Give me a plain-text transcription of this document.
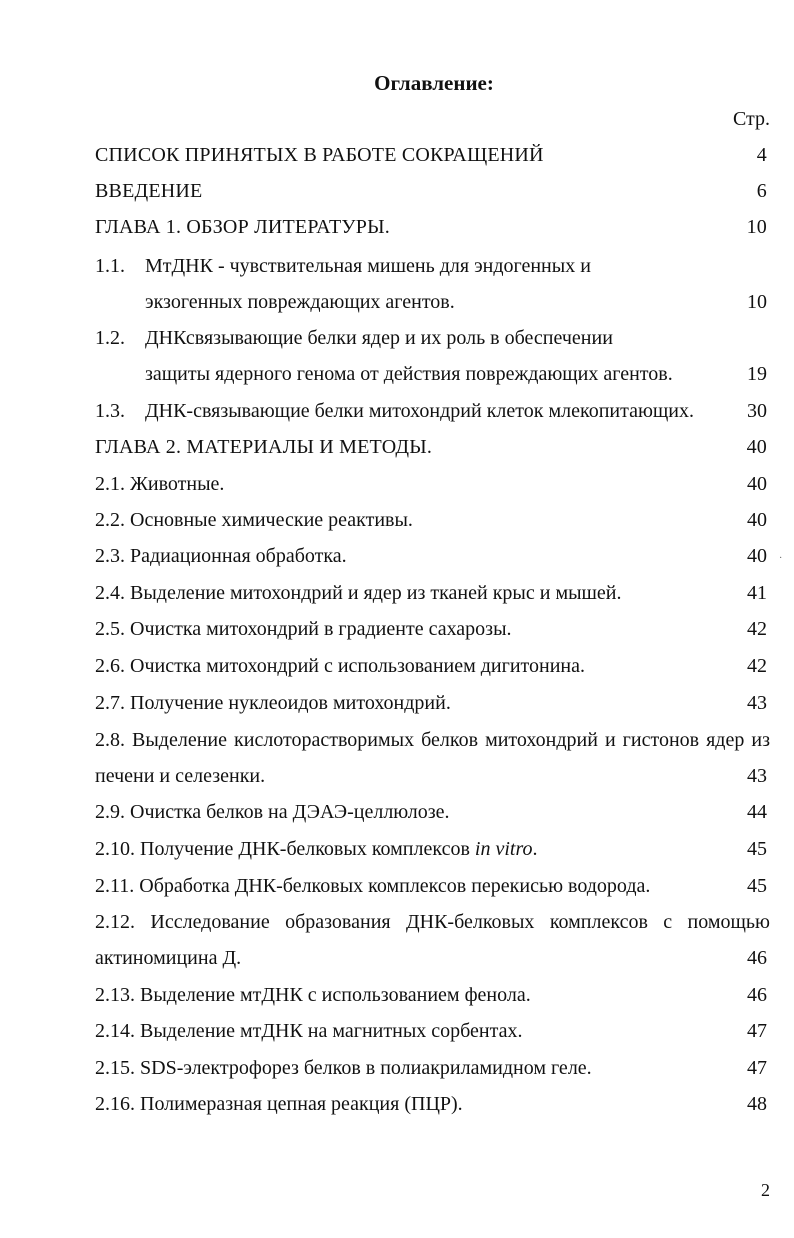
Оглавление:
Стр.
СПИСОК ПРИНЯТЫХ В РАБОТЕ СОКРАЩЕНИЙ	4
ВВЕДЕНИЕ	6
ГЛАВА 1. ОБЗОР ЛИТЕРАТУРЫ.	10
1.1. МтДНК - чувствительная мишень для эндогенных и
экзогенных повреждающих агентов.	10
1.2. ДНКсвязывающие белки ядер и их роль в обеспечении
защиты ядерного генома от действия повреждающих агентов.	19
1.3. ДНК-связывающие белки митохондрий клеток млекопитающих.	30
ГЛАВА 2. МАТЕРИАЛЫ И МЕТОДЫ.	40
2.1. Животные.	40
2.2. Основные химические реактивы.	40
2.3. Радиационная обработка.	40
2.4. Выделение митохондрий и ядер из тканей крыс и мышей.	41
2.5. Очистка митохондрий в градиенте сахарозы.	42
2.6. Очистка митохондрий с использованием дигитонина.	42
2.7. Получение нуклеоидов митохондрий.	43
2.8. Выделение кислоторастворимых белков митохондрий и гистонов ядер из
печени и селезенки.	43
2.9. Очистка белков на ДЭАЭ-целлюлозе.	44
2.10. Получение ДНК-белковых комплексов in vitro.	45
2.11. Обработка ДНК-белковых комплексов перекисью водорода.	45
2.12. Исследование образования ДНК-белковых комплексов с помощью
актиномицина Д.	46
2.13. Выделение мтДНК с использованием фенола.	46
2.14. Выделение мтДНК на магнитных сорбентах.	47
2.15. SDS-электрофорез белков в полиакриламидном геле.	47
2.16. Полимеразная цепная реакция (ПЦР).	48
·
2
